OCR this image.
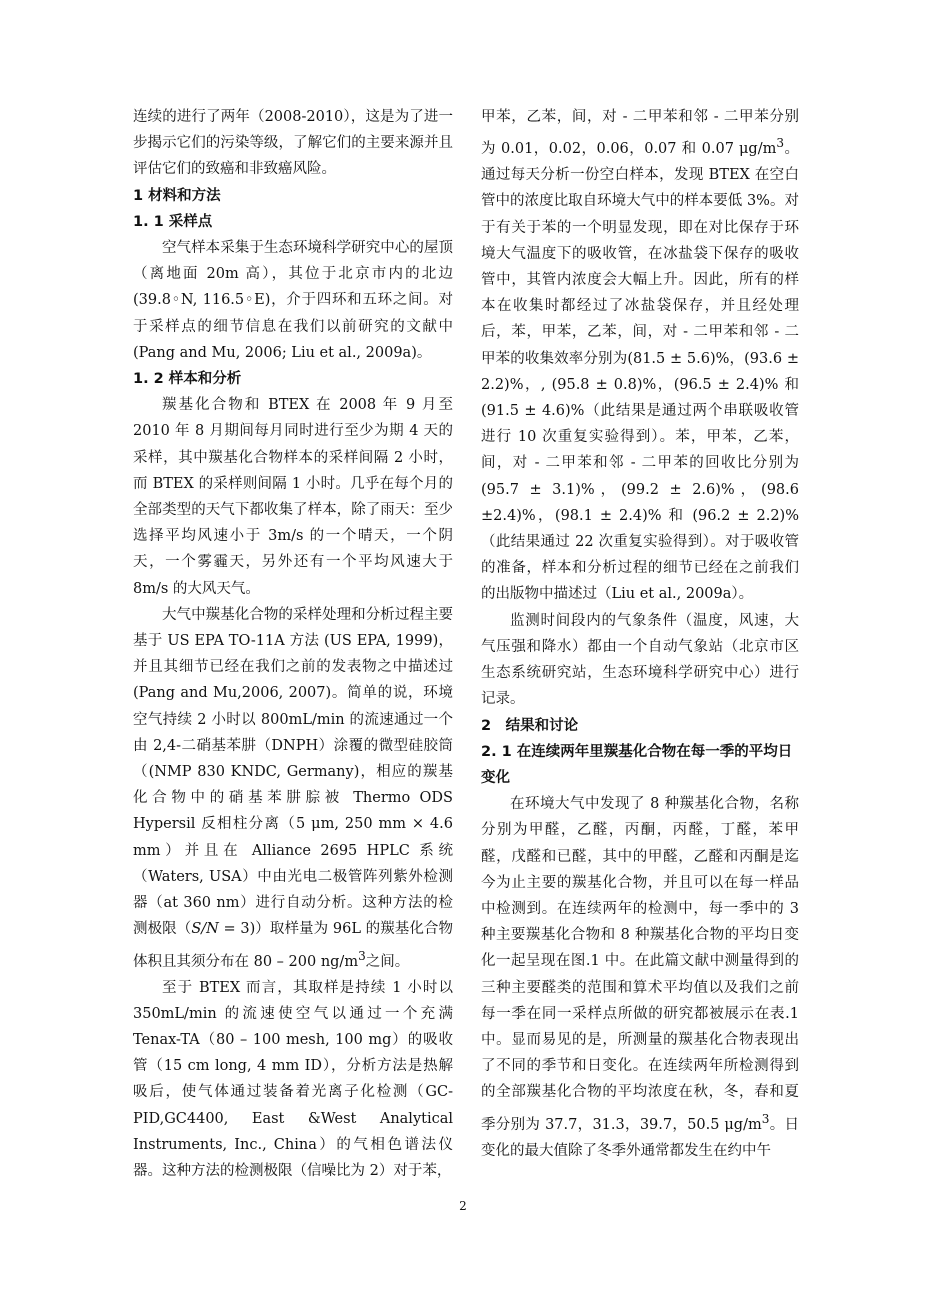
连续的进行了两年（2008-2010），这是为了进一步揭示它们的污染等级，了解它们的主要来源并且评估它们的致癌和非致癌风险。

1 材料和方法
1. 1 采样点

空气样本采集于生态环境科学研究中心的屋顶（离地面 20m 高），其位于北京市内的北边 (39.8◦N, 116.5◦E)，介于四环和五环之间。对于采样点的细节信息在我们以前研究的文献中 (Pang and Mu, 2006; Liu et al., 2009a)。

1. 2 样本和分析

羰基化合物和 BTEX 在 2008 年 9 月至 2010 年 8 月期间每月同时进行至少为期 4 天的采样，其中羰基化合物样本的采样间隔 2 小时，而 BTEX 的采样则间隔 1 小时。几乎在每个月的全部类型的天气下都收集了样本，除了雨天：至少选择平均风速小于 3m/s 的一个晴天，一个阴天，一个雾霾天，另外还有一个平均风速大于 8m/s 的大风天气。

大气中羰基化合物的采样处理和分析过程主要基于 US EPA TO-11A 方法 (US EPA, 1999)，并且其细节已经在我们之前的发表物之中描述过 (Pang and Mu,2006, 2007)。简单的说，环境空气持续 2 小时以 800mL/min 的流速通过一个由 2,4-二硝基苯肼（DNPH）涂覆的微型硅胶筒（(NMP 830 KNDC, Germany)，相应的羰基化合物中的硝基苯肼腙被 Thermo ODS Hypersil 反相柱分离（5 μm, 250 mm × 4.6 mm）并且在 Alliance 2695 HPLC 系统（Waters, USA）中由光电二极管阵列紫外检测器（at 360 nm）进行自动分析。这种方法的检测极限（S/N = 3)）取样量为 96L 的羰基化合物体积且其须分布在 80 – 200 $ng/m^3$之间。

至于 BTEX 而言，其取样是持续 1 小时以 350mL/min 的流速使空气以通过一个充满 Tenax-TA（80 – 100 mesh, 100 mg）的吸收管（15 cm long, 4 mm ID），分析方法是热解吸后，使气体通过装备着光离子化检测（GC-PID,GC4400, East &West Analytical Instruments, Inc., China）的气相色谱法仪器。这种方法的检测极限（信噪比为 2）对于苯，

甲苯，乙苯，间，对 - 二甲苯和邻 - 二甲苯分别为 0.01，0.02，0.06，0.07 和 0.07 $\mu g/m^3$。通过每天分析一份空白样本，发现 BTEX 在空白管中的浓度比取自环境大气中的样本要低 3%。对于有关于苯的一个明显发现，即在对比保存于环境大气温度下的吸收管，在冰盐袋下保存的吸收管中，其管内浓度会大幅上升。因此，所有的样本在收集时都经过了冰盐袋保存，并且经处理后，苯，甲苯，乙苯，间，对 - 二甲苯和邻 - 二甲苯的收集效率分别为(81.5 ± 5.6)%，(93.6 ± 2.2)%，, (95.8 ± 0.8)%，(96.5 ± 2.4)% 和 (91.5 ± 4.6)%（此结果是通过两个串联吸收管进行 10 次重复实验得到）。苯，甲苯，乙苯，间，对 - 二甲苯和邻 - 二甲苯的回收比分别为(95.7 ± 3.1)%，(99.2 ± 2.6)%，(98.6 ±2.4)%，(98.1 ± 2.4)% 和 (96.2 ± 2.2)%（此结果通过 22 次重复实验得到）。对于吸收管的准备，样本和分析过程的细节已经在之前我们的出版物中描述过（Liu et al., 2009a）。

监测时间段内的气象条件（温度，风速，大气压强和降水）都由一个自动气象站（北京市区生态系统研究站，生态环境科学研究中心）进行记录。

2　结果和讨论
2. 1 在连续两年里羰基化合物在每一季的平均日变化

在环境大气中发现了 8 种羰基化合物，名称分别为甲醛，乙醛，丙酮，丙醛，丁醛，苯甲醛，戊醛和已醛，其中的甲醛，乙醛和丙酮是迄今为止主要的羰基化合物，并且可以在每一样品中检测到。在连续两年的检测中，每一季中的 3 种主要羰基化合物和 8 种羰基化合物的平均日变化一起呈现在图.1 中。在此篇文献中测量得到的三种主要醛类的范围和算术平均值以及我们之前每一季在同一采样点所做的研究都被展示在表.1 中。显而易见的是，所测量的羰基化合物表现出了不同的季节和日变化。在连续两年所检测得到的全部羰基化合物的平均浓度在秋，冬，春和夏季分别为 37.7，31.3，39.7，50.5 $\mu g/m^3$。日变化的最大值除了冬季外通常都发生在约中午

2
